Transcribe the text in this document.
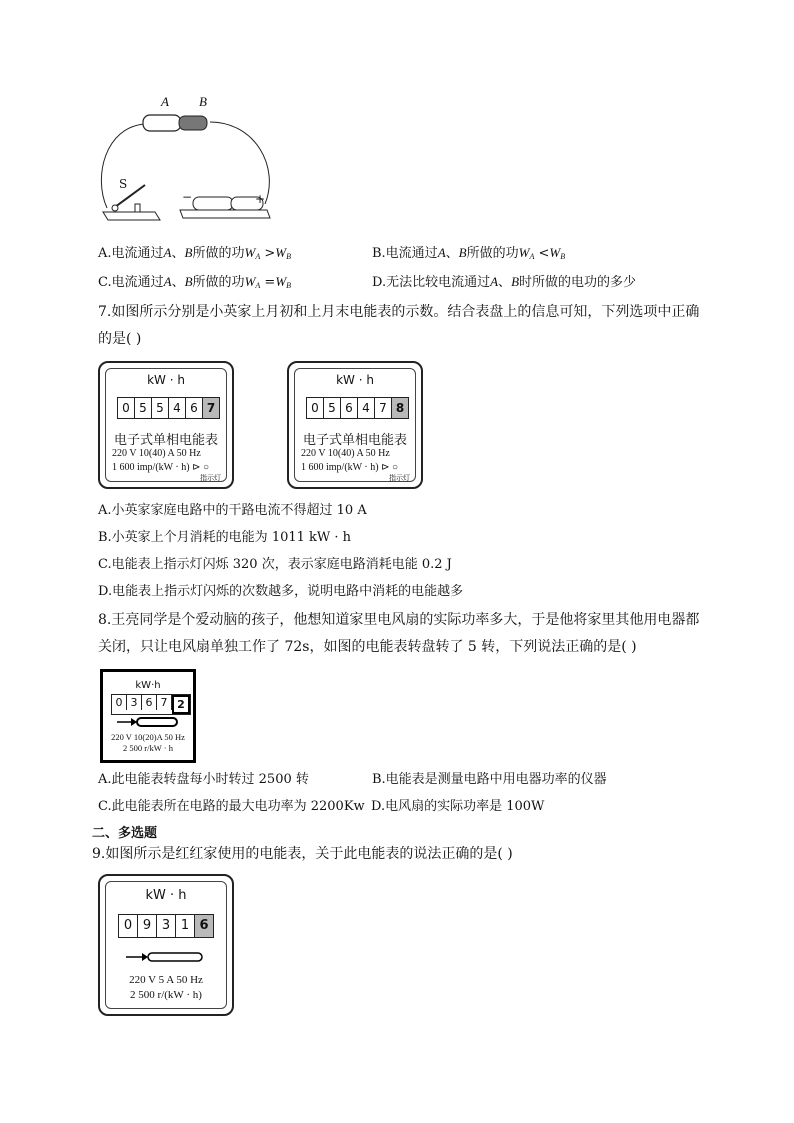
A B
S
−	+
A.电流通过A、B所做的功$W_A >W_B$	B.电流通过A、B所做的功$W_A <W_B$
C.电流通过A、B所做的功$W_A =W_B$	D.无法比较电流通过A、B时所做的电功的多少
7.如图所示分别是小英家上月初和上月末电能表的示数。结合表盘上的信息可知，下列选项中正确
的是( )
kW · h
0 5 5 4 6 7
电子式单相电能表
220 V 10(40) A 50 Hz
1 600 imp/(kW · h) ⊳ ○
指示灯
kW · h
0 5 6 4 7 8
电子式单相电能表
220 V 10(40) A 50 Hz
1 600 imp/(kW · h) ⊳ ○
指示灯
A.小英家家庭电路中的干路电流不得超过 10 A
B.小英家上个月消耗的电能为 1011 kW · h
C.电能表上指示灯闪烁 320 次，表示家庭电路消耗电能 0.2 J
D.电能表上指示灯闪烁的次数越多，说明电路中消耗的电能越多
8.王亮同学是个爱动脑的孩子，他想知道家里电风扇的实际功率多大，于是他将家里其他用电器都
关闭，只让电风扇单独工作了 72s，如图的电能表转盘转了 5 转，下列说法正确的是( )
kW·h
0 3 6 7 2
220 V 10(20)A 50 Hz
2 500 r/kW · h
A.此电能表转盘每小时转过 2500 转	B.电能表是测量电路中用电器功率的仪器
C.此电能表所在电路的最大电功率为 2200Kw D.电风扇的实际功率是 100W
二、多选题
9.如图所示是红红家使用的电能表，关于此电能表的说法正确的是( )
kW · h
0 9 3 1 6
220 V 5 A 50 Hz
2 500 r/(kW · h)
